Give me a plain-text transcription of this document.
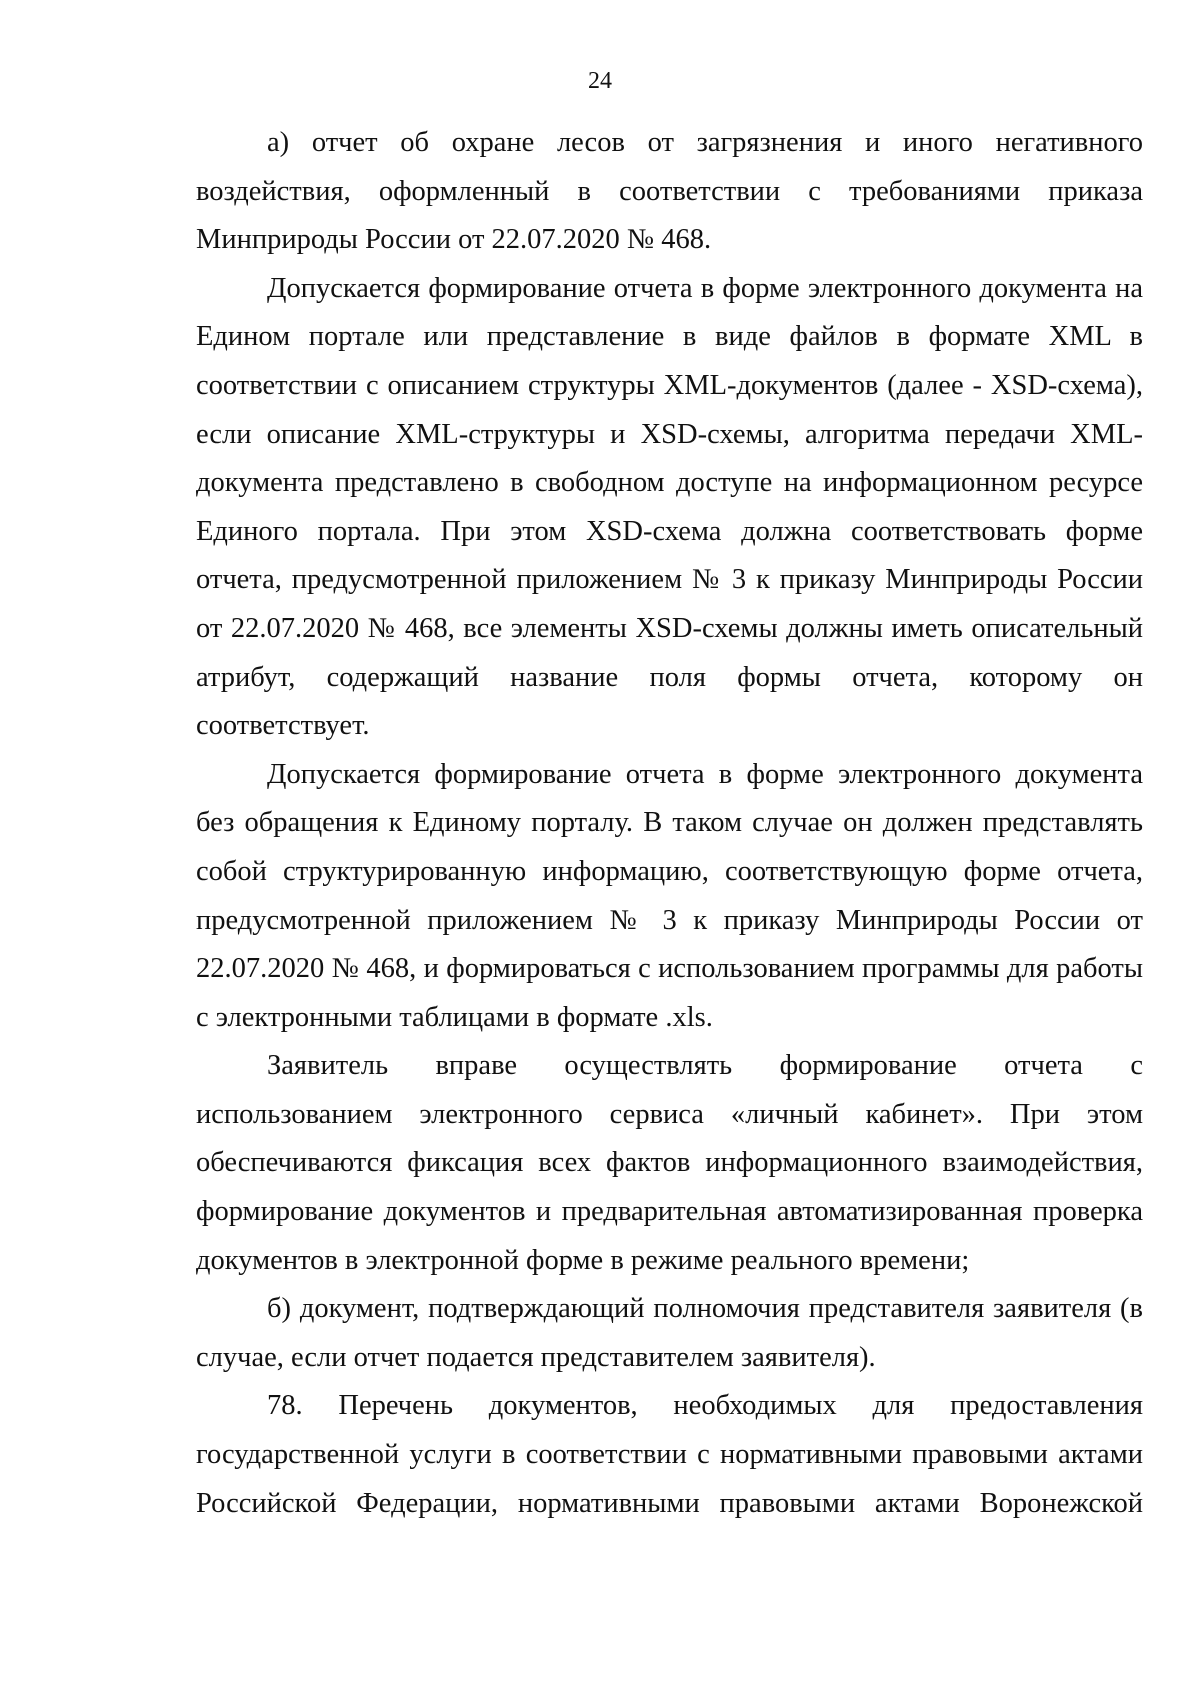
24

а) отчет об охране лесов от загрязнения и иного негативного воздействия, оформленный в соответствии с требованиями приказа Минприроды России от 22.07.2020 № 468.

Допускается формирование отчета в форме электронного документа на Едином портале или представление в виде файлов в формате XML в соответствии с описанием структуры XML-документов (далее - XSD-схема), если описание XML-структуры и XSD-схемы, алгоритма передачи XML-документа представлено в свободном доступе на информационном ресурсе Единого портала. При этом XSD-схема должна соответствовать форме отчета, предусмотренной приложением № 3 к приказу Минприроды России от 22.07.2020 № 468, все элементы XSD-схемы должны иметь описательный атрибут, содержащий название поля формы отчета, которому он соответствует.

Допускается формирование отчета в форме электронного документа без обращения к Единому порталу. В таком случае он должен представлять собой структурированную информацию, соответствующую форме отчета, предусмотренной приложением № 3 к приказу Минприроды России от 22.07.2020 № 468, и формироваться с использованием программы для работы с электронными таблицами в формате .xls.

Заявитель вправе осуществлять формирование отчета с использованием электронного сервиса «личный кабинет». При этом обеспечиваются фиксация всех фактов информационного взаимодействия, формирование документов и предварительная автоматизированная проверка документов в электронной форме в режиме реального времени;

б) документ, подтверждающий полномочия представителя заявителя (в случае, если отчет подается представителем заявителя).

78. Перечень документов, необходимых для предоставления государственной услуги в соответствии с нормативными правовыми актами Российской Федерации, нормативными правовыми актами Воронежской
